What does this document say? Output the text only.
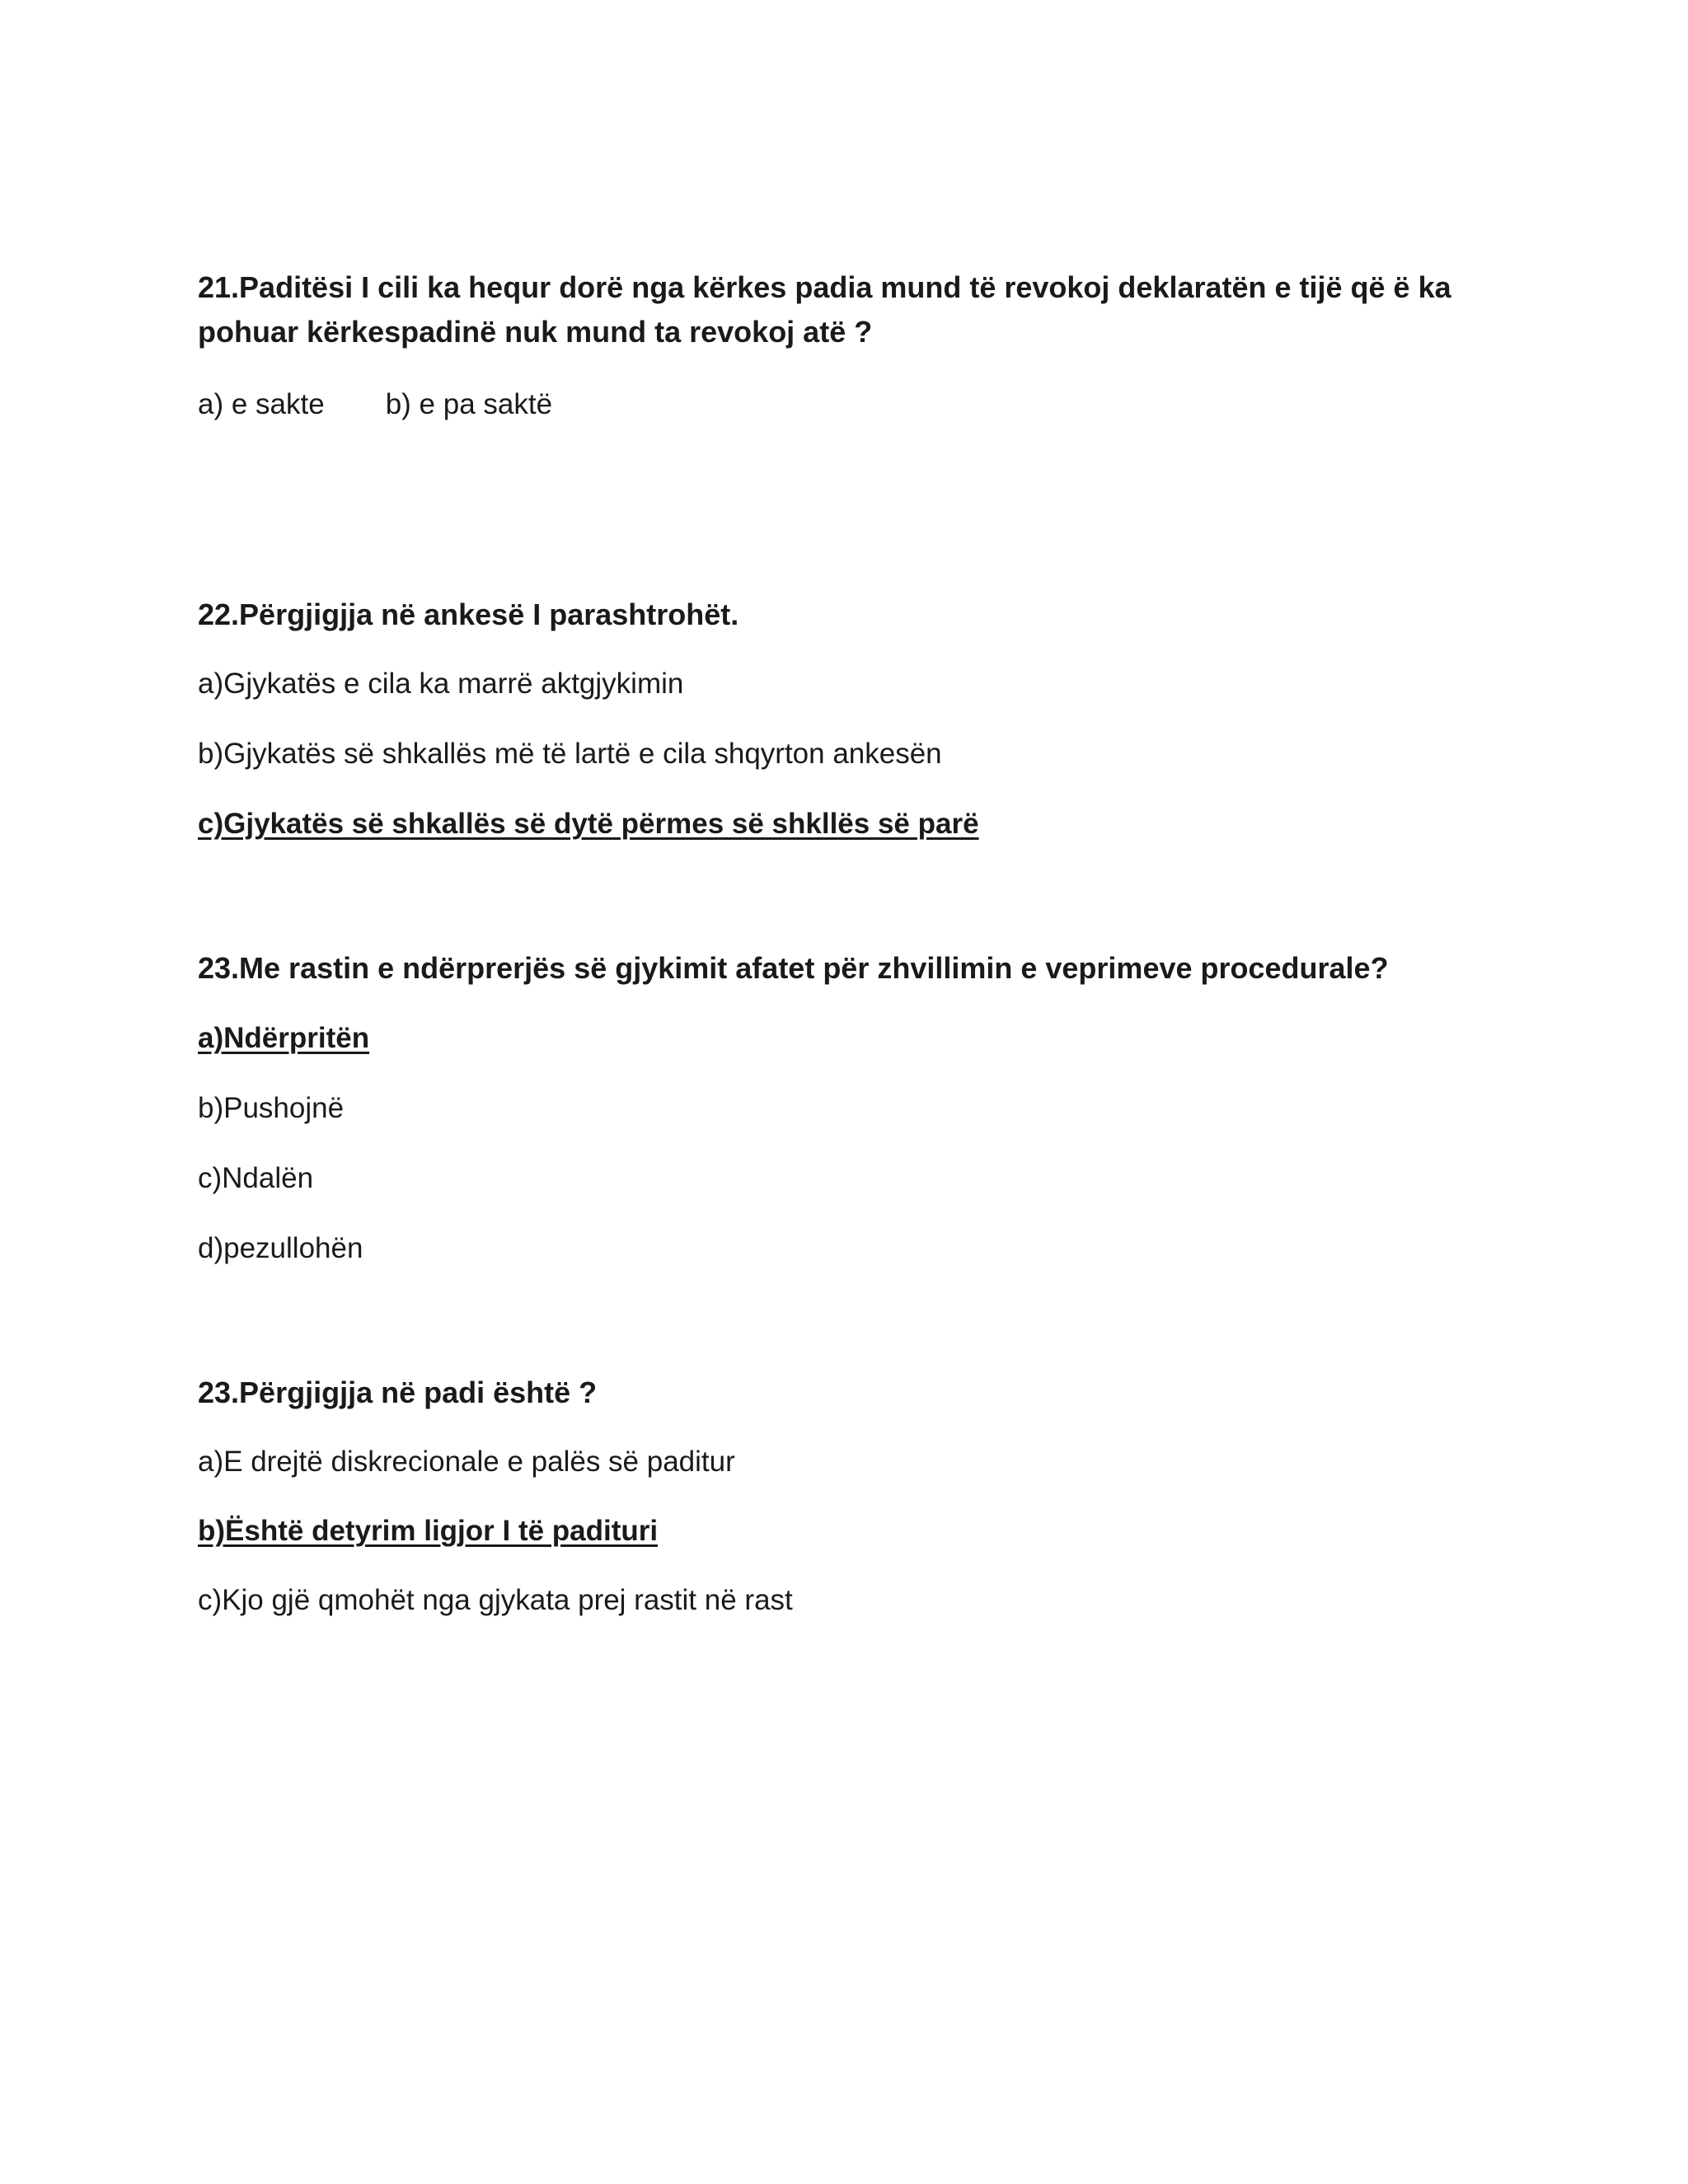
21.Paditësi I cili ka hequr dorë nga kërkes padia mund të revokoj deklaratën e tijë që ë ka
pohuar kërkespadinë nuk mund ta revokoj atë ?
a) e sakte b) e pa saktë
22.Përgjigjja në ankesë I parashtrohët.
a)Gjykatës e cila ka marrë aktgjykimin
b)Gjykatës së shkallës më të lartë e cila shqyrton ankesën
c)Gjykatës së shkallës së dytë përmes së shkllës së parë
23.Me rastin e ndërprerjës së gjykimit afatet për zhvillimin e veprimeve procedurale?
a)Ndërpritën
b)Pushojnë
c)Ndalën
d)pezullohën
23.Përgjigjja në padi është ?
a)E drejtë diskrecionale e palës së paditur
b)Është detyrim ligjor I të padituri
c)Kjo gjë qmohët nga gjykata prej rastit në rast
